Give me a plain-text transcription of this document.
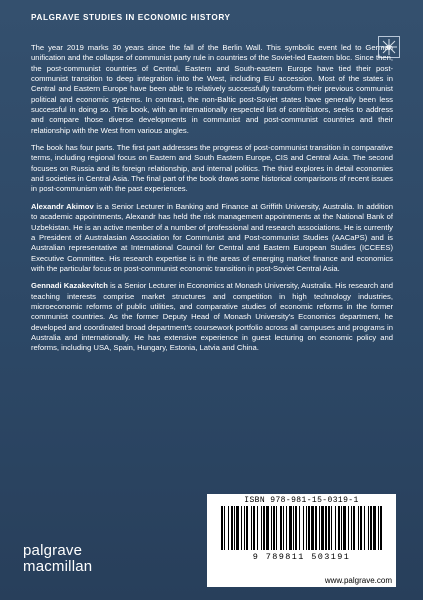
PALGRAVE STUDIES IN ECONOMIC HISTORY

The year 2019 marks 30 years since the fall of the Berlin Wall. This symbolic event led to German unification and the collapse of communist party rule in countries of the Soviet-led Eastern bloc. Since then, the post-communist countries of Central, Eastern and South-eastern Europe have tied their post-communist transition to deep integration into the West, including EU accession. Most of the states in Central and Eastern Europe have been able to relatively successfully transform their previous communist political and economic systems. In contrast, the non-Baltic post-Soviet states have generally been less successful in doing so. This book, with an internationally respected list of contributors, seeks to address and compare those diverse developments in communist and post-communist countries and their relationship with the West from various angles.

The book has four parts. The first part addresses the progress of post-communist transition in comparative terms, including regional focus on Eastern and South Eastern Europe, CIS and Central Asia. The second focuses on Russia and its foreign relationship, and internal politics. The third explores in detail economies and societies in Central Asia. The final part of the book draws some historical comparisons of recent issues in post-communism with the past experiences.

Alexandr Akimov is a Senior Lecturer in Banking and Finance at Griffith University, Australia. In addition to academic appointments, Alexandr has held the risk management appointments at the National Bank of Uzbekistan. He is an active member of a number of professional and research associations. He is currently a President of Australasian Association for Communist and Post-communist Studies (AACaPS) and is Australian representative at International Council for Central and Eastern European Studies (ICCEES) Executive Committee. His research expertise is in the areas of emerging market finance and economics with the particular focus on post-communist economic transition in post-Soviet Central Asia.

Gennadi Kazakevitch is a Senior Lecturer in Economics at Monash University, Australia. His research and teaching interests comprise market structures and competition in high technology industries, microeconomic reforms of public utilities, and comparative studies of economic reforms in the former communist countries. As the former Deputy Head of Monash University's Economics department, he developed and coordinated broad department's coursework portfolio across all campuses and programs in Australia and internationally. He has extensive experience in guest lecturing on economic policy and reforms, including USA, Spain, Hungary, Estonia, Latvia and China.

ISBN 978-981-15-0319-1
9 789811 503191
www.palgrave.com
palgrave
macmillan
